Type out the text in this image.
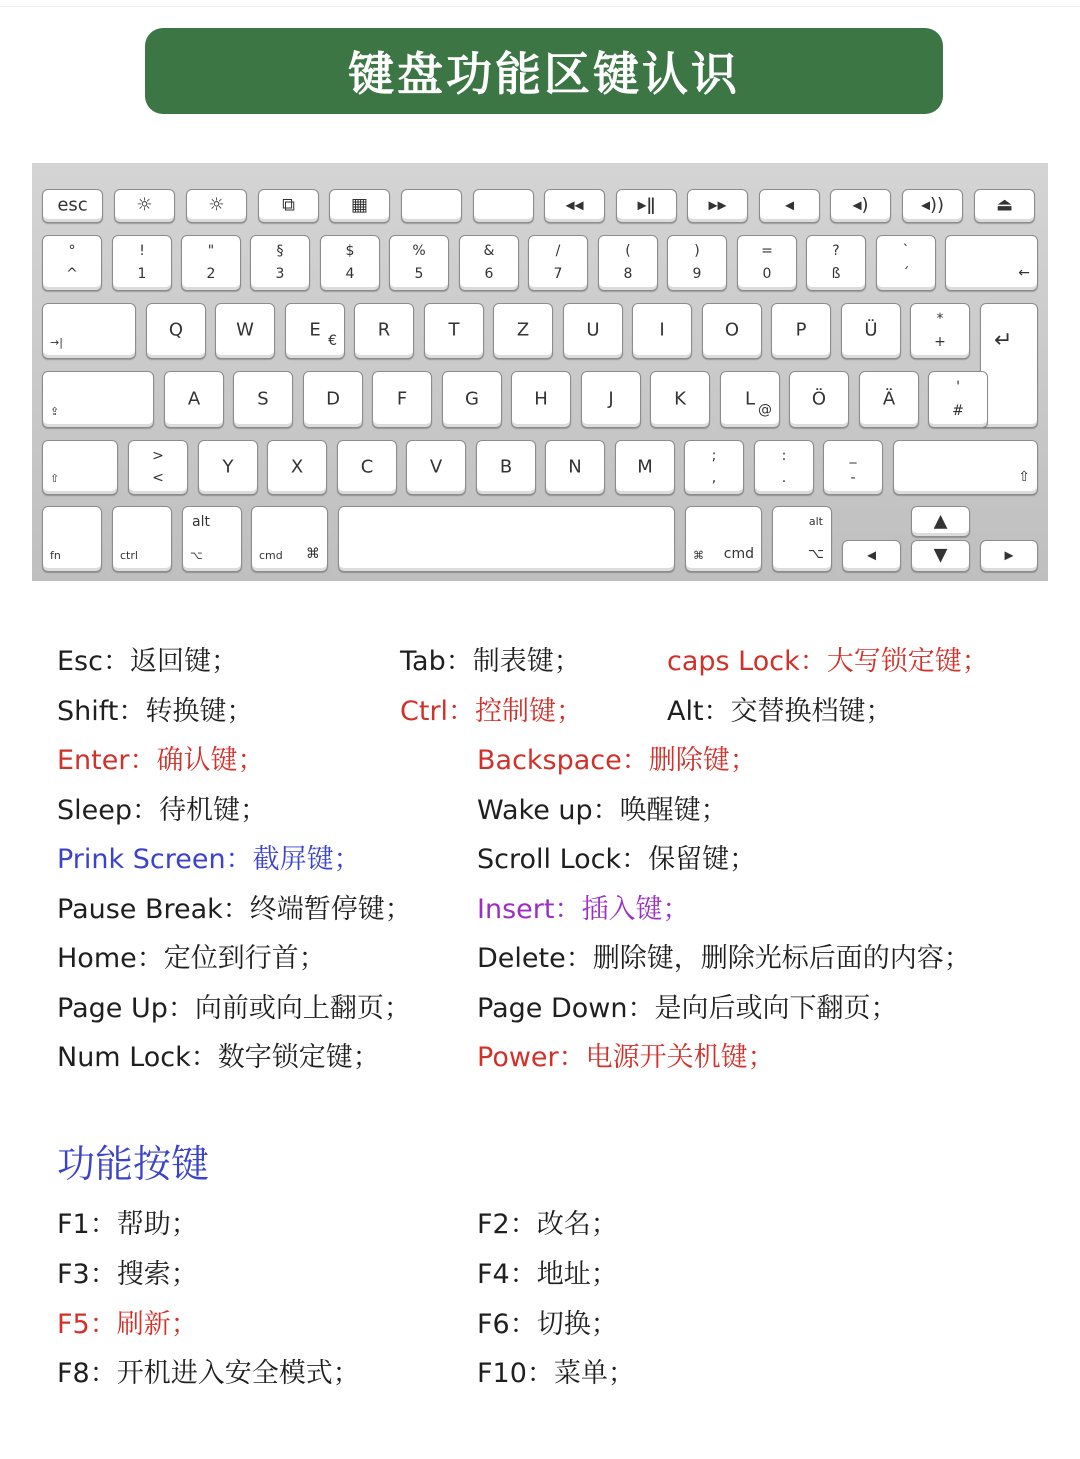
键盘功能区键认识
esc	☼	☼	⧉	▦	◂◂	▸ǁ	▸▸	◂	◂)	◂))	⏏
°
^
!
1
"
2
§
3
$
4
%
5
&
6
/
7
(
8
)
9
=
0
?
ß
`
´	←
→|
Q	W	E
€
R	T	Z	U	I	O	P	Ü
*
+	↵
⇪
A	S	D	F	G	H	J	K	L
@
Ö	Ä
'
#
⇧
>
<
Y	X	C	V	B	N	M	;
,
:
.
_
-	⇧
fn	ctrl
alt
⌥	cmd ⌘	⌘ cmd
alt
⌥	◂
▲
▼	▸
功能按键
Esc：返回键；	Tab：制表键；	caps Lock：大写锁定键；
Shift：转换键；	Ctrl：控制键；	Alt：交替换档键；
Enter：确认键；	Backspace：删除键；
Sleep：待机键；	Wake up：唤醒键；
Prink Screen：截屏键；	Scroll Lock：保留键；
Pause Break：终端暂停键； Insert：插入键；
Home：定位到行首；	Delete：删除键，删除光标后面的内容；
Page Up：向前或向上翻页； Page Down：是向后或向下翻页；
Num Lock：数字锁定键；	Power：电源开关机键；
F1：帮助；	F2：改名；
F3：搜索；	F4：地址；
F5：刷新；	F6：切换；
F8：开机进入安全模式；	F10：菜单；
